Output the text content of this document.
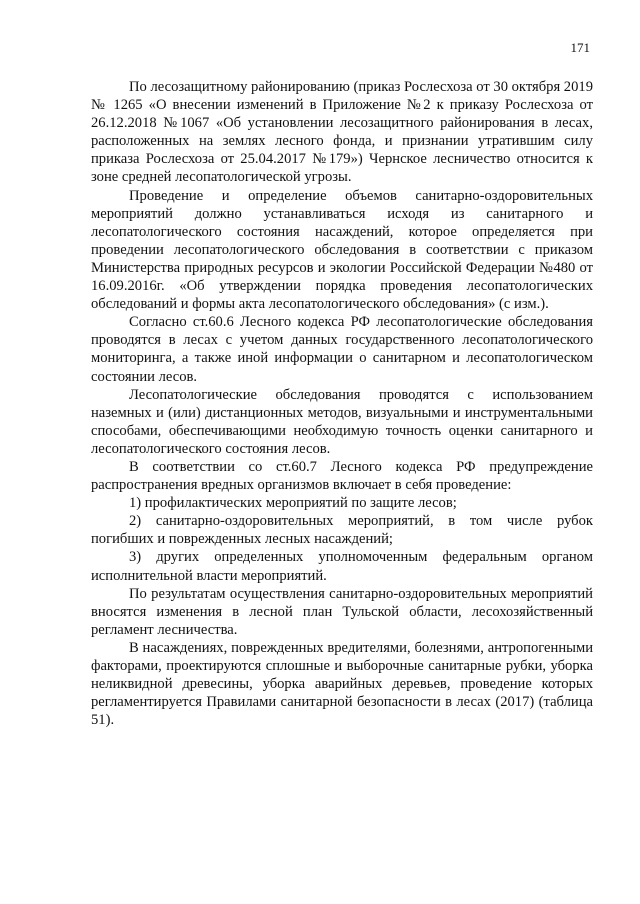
171

По лесозащитному районированию (приказ Рослесхоза от 30 октября 2019 № 1265 «О внесении изменений в Приложение №2 к приказу Рослесхоза от 26.12.2018 №1067 «Об установлении лесозащитного районирования в лесах, расположенных на землях лесного фонда, и признании утратившим силу приказа Рослесхоза от 25.04.2017 №179») Чернское лесничество относится к зоне средней лесопатологической угрозы.

Проведение и определение объемов санитарно-оздоровительных мероприятий должно устанавливаться исходя из санитарного и лесопатологического состояния насаждений, которое определяется при проведении лесопатологического обследования в соответствии с приказом Министерства природных ресурсов и экологии Российской Федерации №480 от 16.09.2016г. «Об утверждении порядка проведения лесопатологических обследований и формы акта лесопатологического обследования» (с изм.).

Согласно ст.60.6 Лесного кодекса РФ лесопатологические обследования проводятся в лесах с учетом данных государственного лесопатологического мониторинга, а также иной информации о санитарном и лесопатологическом состоянии лесов.

Лесопатологические обследования проводятся с использованием наземных и (или) дистанционных методов, визуальными и инструментальными способами, обеспечивающими необходимую точность оценки санитарного и лесопатологического состояния лесов.

В соответствии со ст.60.7 Лесного кодекса РФ предупреждение распространения вредных организмов включает в себя проведение:

1) профилактических мероприятий по защите лесов;

2) санитарно-оздоровительных мероприятий, в том числе рубок погибших и поврежденных лесных насаждений;

3) других определенных уполномоченным федеральным органом исполнительной власти мероприятий.

По результатам осуществления санитарно-оздоровительных мероприятий вносятся изменения в лесной план Тульской области, лесохозяйственный регламент лесничества.

В насаждениях, поврежденных вредителями, болезнями, антропогенными факторами, проектируются сплошные и выборочные санитарные рубки, уборка неликвидной древесины, уборка аварийных деревьев, проведение которых регламентируется Правилами санитарной безопасности в лесах (2017) (таблица 51).
